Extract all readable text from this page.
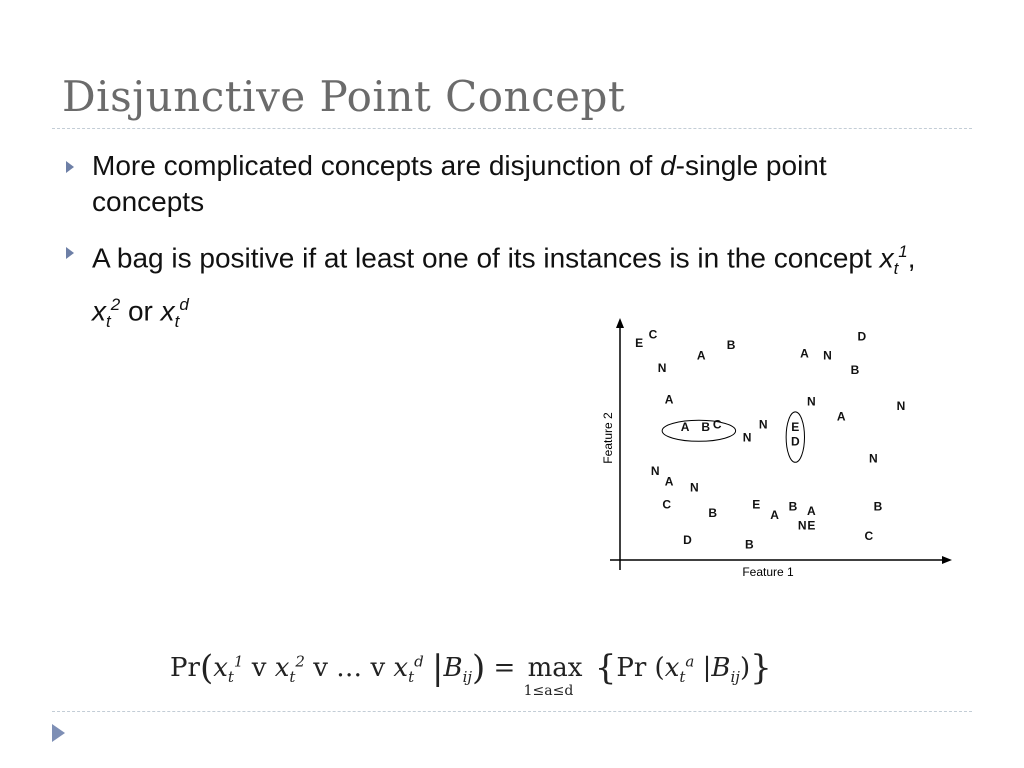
Disjunctive Point Concept
More complicated concepts are disjunction of d-single point concepts
A bag is positive if at least one of its instances is in the concept $x_t^1$, $x_t^2$ or $x_t^d$
Feature 1
Feature 2
C
E	B
A	A N
D
B
N
A	N	N
A B C
N
N E
D
A
N
N
A N
C
B
E
A
B A
N E
B
C
D	B
$Pr(x_t^1$ v $x_t^2$ v … v $x_t^d$ $|B_{ij}) = \max$
1≤a≤d
{Pr ($x_t^a$ $|B_{ij}$)}
